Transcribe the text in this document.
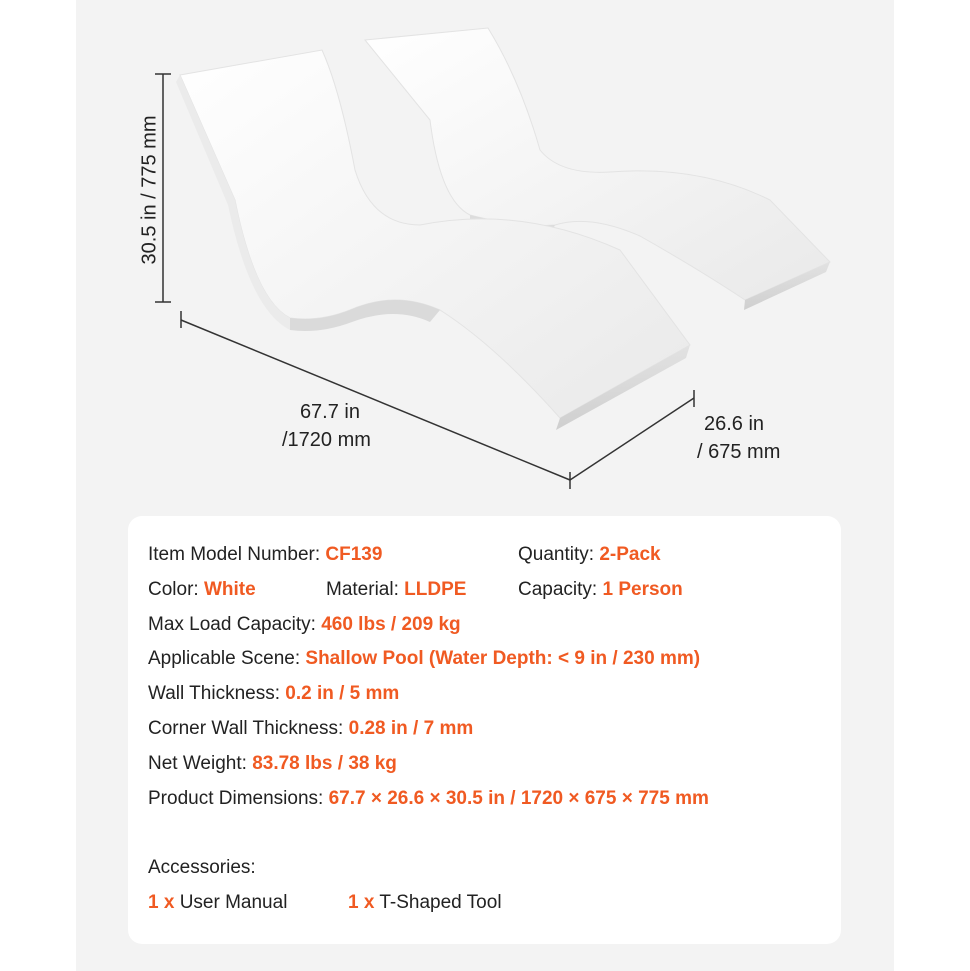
30.5 in / 775 mm
67.7 in
/1720 mm
26.6 in
/ 675 mm
Item Model Number: CF139	Quantity: 2-Pack
Color: White	Material: LLDPE	Capacity: 1 Person
Max Load Capacity: 460 lbs / 209 kg
Applicable Scene: Shallow Pool (Water Depth: < 9 in / 230 mm)
Wall Thickness: 0.2 in / 5 mm
Corner Wall Thickness: 0.28 in / 7 mm
Net Weight: 83.78 lbs / 38 kg
Product Dimensions: 67.7 × 26.6 × 30.5 in / 1720 × 675 × 775 mm
Accessories:
1 x User Manual	1 x T-Shaped Tool
